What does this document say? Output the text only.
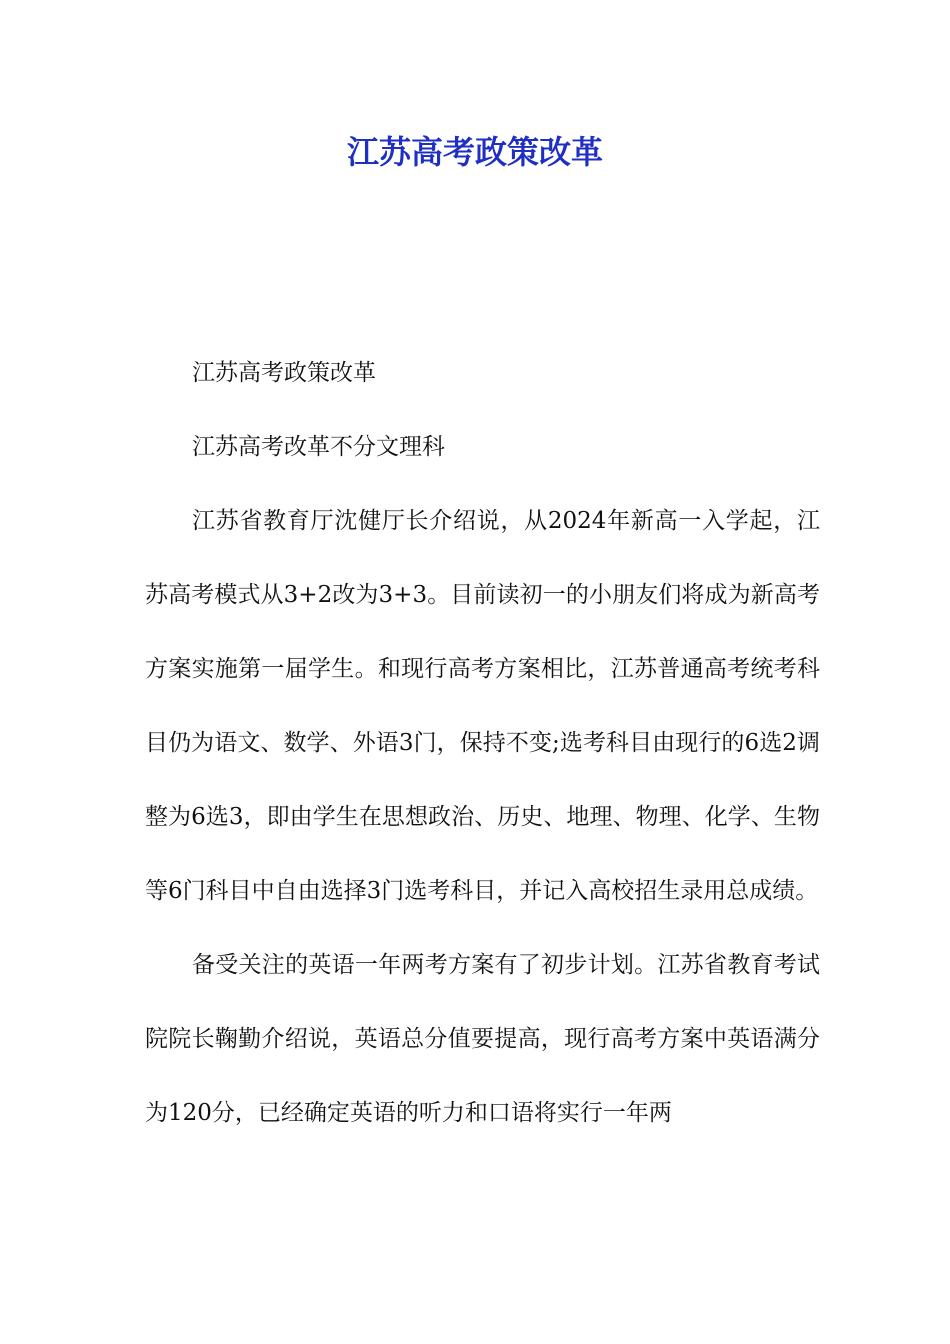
江苏高考政策改革

江苏高考政策改革

江苏高考改革不分文理科

江苏省教育厅沈健厅长介绍说，从2024年新高一入学起，江苏高考模式从3+2改为3+3。目前读初一的小朋友们将成为新高考方案实施第一届学生。和现行高考方案相比，江苏普通高考统考科目仍为语文、数学、外语3门，保持不变;选考科目由现行的6选2调整为6选3，即由学生在思想政治、历史、地理、物理、化学、生物等6门科目中自由选择3门选考科目，并记入高校招生录用总成绩。

备受关注的英语一年两考方案有了初步计划。江苏省教育考试院院长鞠勤介绍说，英语总分值要提高，现行高考方案中英语满分为120分，已经确定英语的听力和口语将实行一年两
